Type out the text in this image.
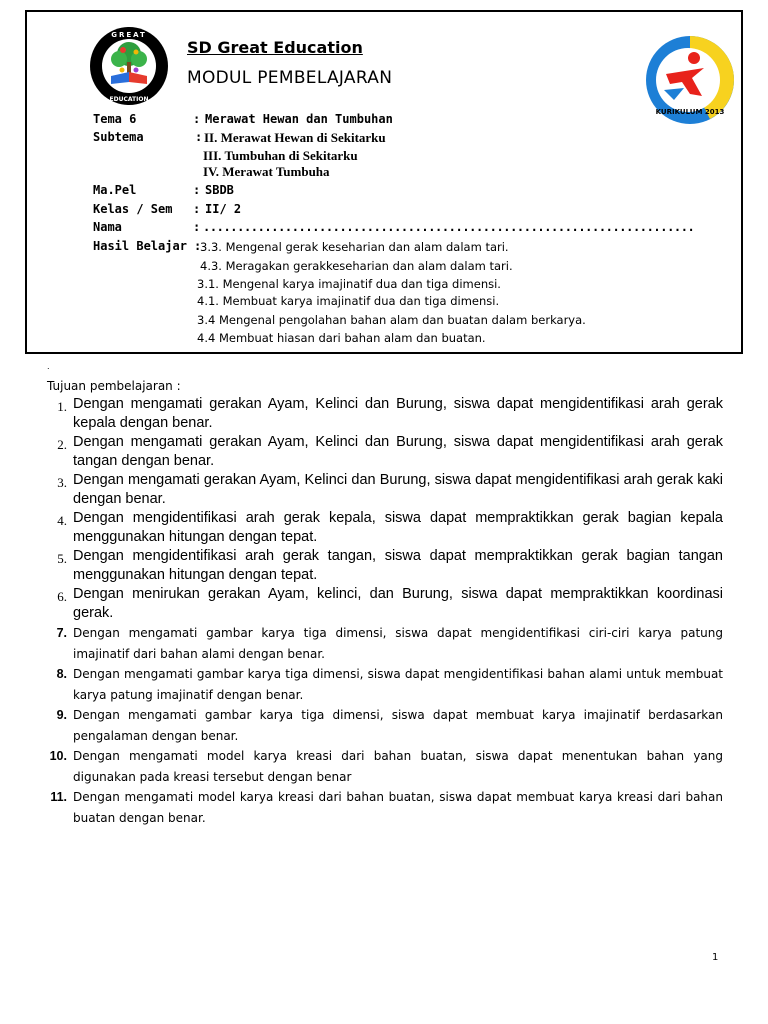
GREAT
EDUCATION
SD Great Education
MODUL PEMBELAJARAN
KURIKULUM 2013
Tema 6	: Merawat Hewan dan Tumbuhan
Subtema	: II. Merawat Hewan di Sekitarku
III. Tumbuhan di Sekitarku
IV. Merawat Tumbuha
Ma.Pel	: SBDB
Kelas / Sem : II/ 2
Nama	: ........................................................................
Hasil Belajar :
3.3. Mengenal gerak keseharian dan alam dalam tari.
4.3. Meragakan gerakkeseharian dan alam dalam tari.
3.1. Mengenal karya imajinatif dua dan tiga dimensi.
4.1. Membuat karya imajinatif dua dan tiga dimensi.
3.4 Mengenal pengolahan bahan alam dan buatan dalam berkarya.
4.4 Membuat hiasan dari bahan alam dan buatan.
.
Tujuan pembelajaran :
1. Dengan mengamati gerakan Ayam, Kelinci dan Burung, siswa dapat mengidentifikasi arah gerak kepala dengan benar.
2. Dengan mengamati gerakan Ayam, Kelinci dan Burung, siswa dapat mengidentifikasi arah gerak tangan dengan benar.
3. Dengan mengamati gerakan Ayam, Kelinci dan Burung, siswa dapat mengidentifikasi arah gerak kaki dengan benar.
4. Dengan mengidentifikasi arah gerak kepala, siswa dapat mempraktikkan gerak bagian kepala menggunakan hitungan dengan tepat.
5. Dengan mengidentifikasi arah gerak tangan, siswa dapat mempraktikkan gerak bagian tangan menggunakan hitungan dengan tepat.
6. Dengan menirukan gerakan Ayam, kelinci, dan Burung, siswa dapat mempraktikkan koordinasi gerak.
7. Dengan mengamati gambar karya tiga dimensi, siswa dapat mengidentifikasi ciri-ciri karya patung imajinatif dari bahan alami dengan benar.
8. Dengan mengamati gambar karya tiga dimensi, siswa dapat mengidentifikasi bahan alami untuk membuat karya patung imajinatif dengan benar.
9. Dengan mengamati gambar karya tiga dimensi, siswa dapat membuat karya imajinatif berdasarkan pengalaman dengan benar.
10. Dengan mengamati model karya kreasi dari bahan buatan, siswa dapat menentukan bahan yang digunakan pada kreasi tersebut dengan benar
11. Dengan mengamati model karya kreasi dari bahan buatan, siswa dapat membuat karya kreasi dari bahan buatan dengan benar.
1
